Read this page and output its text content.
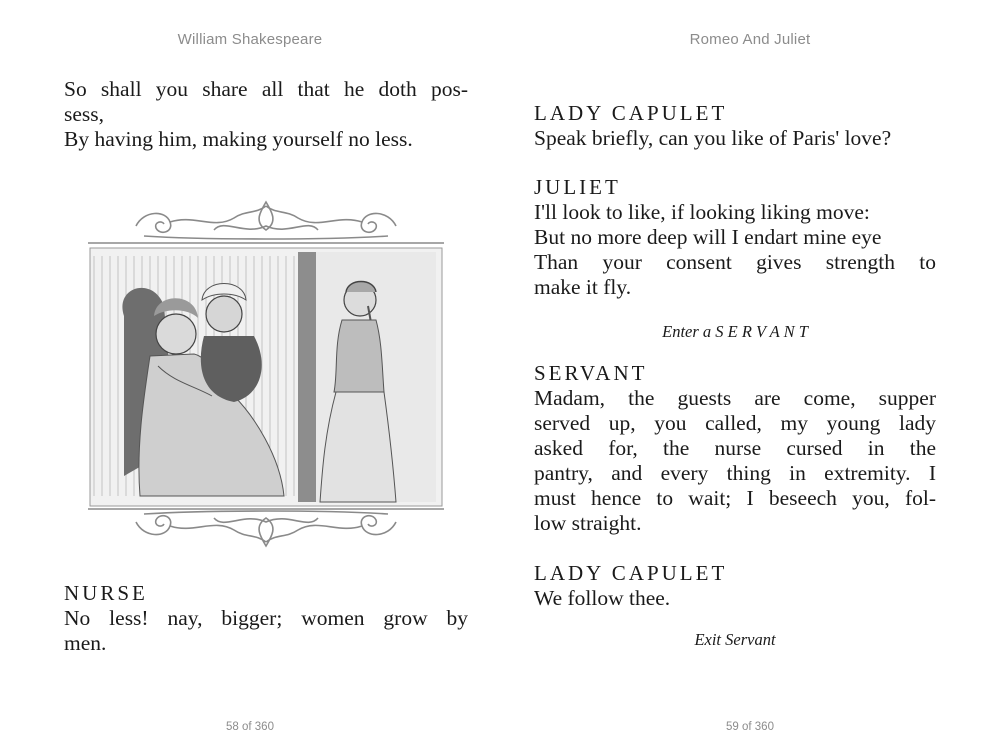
William Shakespeare
So shall you share all that he doth pos-
sess,
By having him, making yourself no less.
NURSE
No less! nay, bigger; women grow by
men.
58 of 360
Romeo And Juliet
LADY CAPULET
Speak briefly, can you like of Paris' love?
JULIET
I'll look to like, if looking liking move:
But no more deep will I endart mine eye
Than your consent gives strength to
make it fly.
Enter a S E R V A N T
SERVANT
Madam, the guests are come, supper
served up, you called, my young lady
asked for, the nurse cursed in the
pantry, and every thing in extremity. I
must hence to wait; I beseech you, fol-
low straight.
LADY CAPULET
We follow thee.
Exit Servant
59 of 360
